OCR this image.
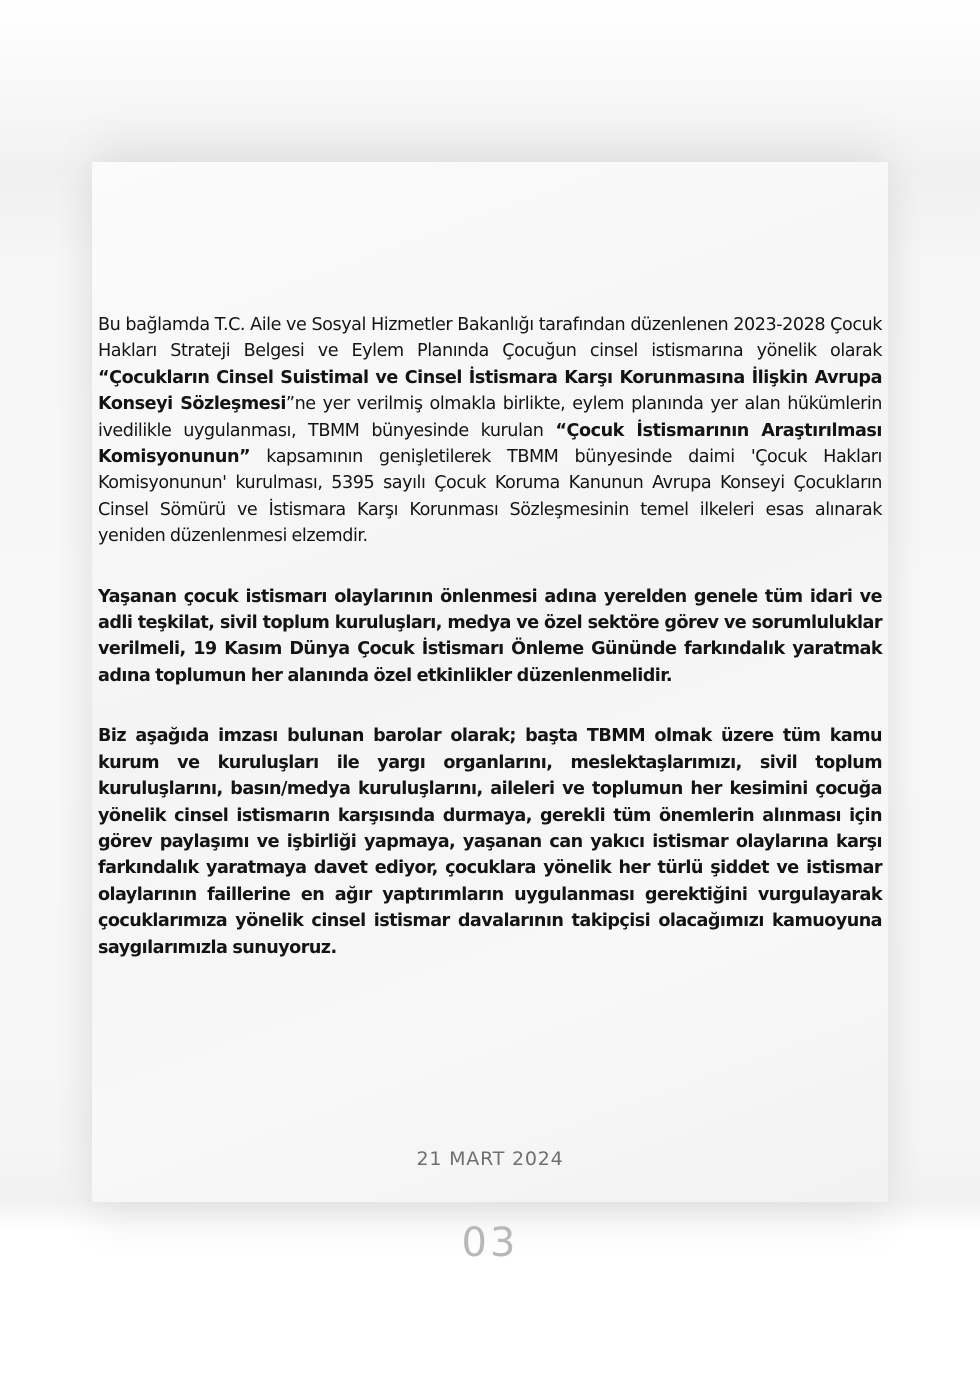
Bu bağlamda T.C. Aile ve Sosyal Hizmetler Bakanlığı tarafından düzenlenen 2023-2028 Çocuk Hakları Strateji Belgesi ve Eylem Planında Çocuğun cinsel istismarına yönelik olarak “Çocukların Cinsel Suistimal ve Cinsel İstismara Karşı Korunmasına İlişkin Avrupa Konseyi Sözleşmesi”ne yer verilmiş olmakla birlikte, eylem planında yer alan hükümlerin ivedilikle uygulanması, TBMM bünyesinde kurulan “Çocuk İstismarının Araştırılması Komisyonunun” kapsamının genişletilerek TBMM bünyesinde daimi 'Çocuk Hakları Komisyonunun' kurulması, 5395 sayılı Çocuk Koruma Kanunun Avrupa Konseyi Çocukların Cinsel Sömürü ve İstismara Karşı Korunması Sözleşmesinin temel ilkeleri esas alınarak yeniden düzenlenmesi elzemdir.

Yaşanan çocuk istismarı olaylarının önlenmesi adına yerelden genele tüm idari ve adli teşkilat, sivil toplum kuruluşları, medya ve özel sektöre görev ve sorumluluklar verilmeli, 19 Kasım Dünya Çocuk İstismarı Önleme Gününde farkındalık yaratmak adına toplumun her alanında özel etkinlikler düzenlenmelidir.

Biz aşağıda imzası bulunan barolar olarak; başta TBMM olmak üzere tüm kamu kurum ve kuruluşları ile yargı organlarını, meslektaşlarımızı, sivil toplum kuruluşlarını, basın/medya kuruluşlarını, aileleri ve toplumun her kesimini çocuğa yönelik cinsel istismarın karşısında durmaya, gerekli tüm önemlerin alınması için görev paylaşımı ve işbirliği yapmaya, yaşanan can yakıcı istismar olaylarına karşı farkındalık yaratmaya davet ediyor, çocuklara yönelik her türlü şiddet ve istismar olaylarının faillerine en ağır yaptırımların uygulanması gerektiğini vurgulayarak çocuklarımıza yönelik cinsel istismar davalarının takipçisi olacağımızı kamuoyuna saygılarımızla sunuyoruz.

21 MART 2024
03
